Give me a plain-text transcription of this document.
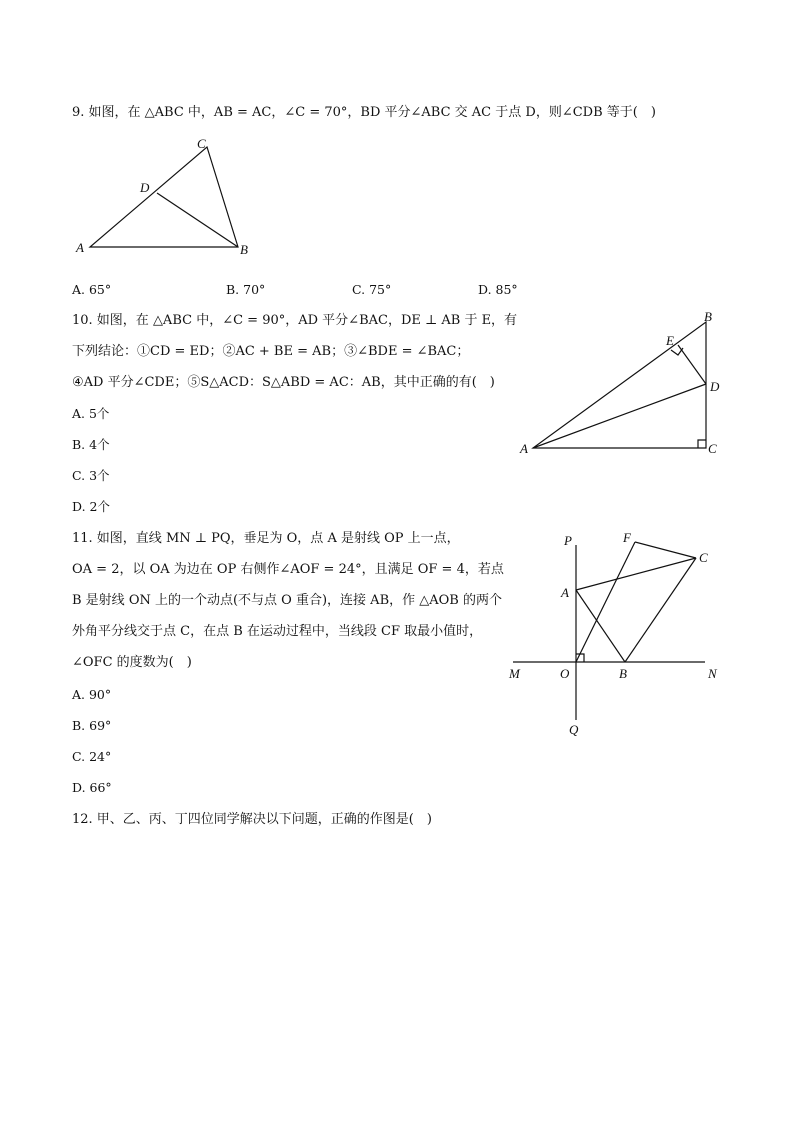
9. 如图，在 △ABC 中，AB = AC，∠C = 70°，BD 平分∠ABC 交 AC 于点 D，则∠CDB 等于(　)
C
D
A	B
A. 65°	B. 70°	C. 75°	D. 85°
10. 如图，在 △ABC 中，∠C = 90°，AD 平分∠BAC，DE ⊥ AB 于 E，有
下列结论：①CD = ED；②AC + BE = AB；③∠BDE = ∠BAC；
④AD 平分∠CDE；⑤S△ACD：S△ABD = AC：AB，其中正确的有(　)
A. 5个
B. 4个
C. 3个
D. 2个
B
E
D
A	C
11. 如图，直线 MN ⊥ PQ，垂足为 O，点 A 是射线 OP 上一点，
OA = 2，以 OA 为边在 OP 右侧作∠AOF = 24°，且满足 OF = 4，若点
B 是射线 ON 上的一个动点(不与点 O 重合)，连接 AB，作 △AOB 的两个
外角平分线交于点 C，在点 B 在运动过程中，当线段 CF 取最小值时，
∠OFC 的度数为(　)
A. 90°
B. 69°
C. 24°
D. 66°
P	F
C
A
M	O	B	N
Q
12. 甲、乙、丙、丁四位同学解决以下问题，正确的作图是(　)
